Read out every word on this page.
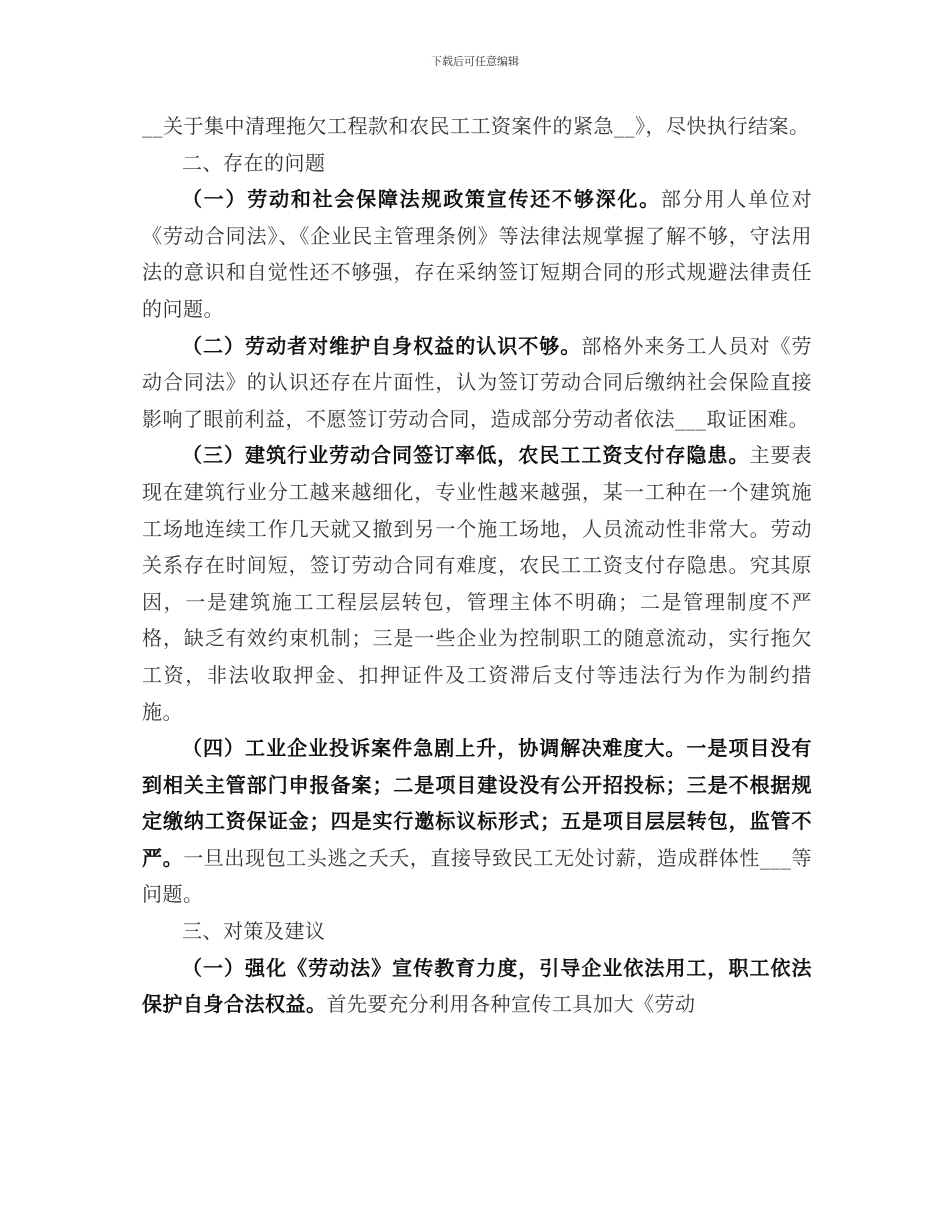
下载后可任意编辑

__关于集中清理拖欠工程款和农民工工资案件的紧急__》，尽快执行结案。

二、存在的问题

（一）劳动和社会保障法规政策宣传还不够深化。部分用人单位对《劳动合同法》、《企业民主管理条例》等法律法规掌握了解不够，守法用法的意识和自觉性还不够强，存在采纳签订短期合同的形式规避法律责任的问题。

（二）劳动者对维护自身权益的认识不够。部格外来务工人员对《劳动合同法》的认识还存在片面性，认为签订劳动合同后缴纳社会保险直接影响了眼前利益，不愿签订劳动合同，造成部分劳动者依法___取证困难。

（三）建筑行业劳动合同签订率低，农民工工资支付存隐患。主要表现在建筑行业分工越来越细化，专业性越来越强，某一工种在一个建筑施工场地连续工作几天就又撤到另一个施工场地，人员流动性非常大。劳动关系存在时间短，签订劳动合同有难度，农民工工资支付存隐患。究其原因，一是建筑施工工程层层转包，管理主体不明确；二是管理制度不严格，缺乏有效约束机制；三是一些企业为控制职工的随意流动，实行拖欠工资，非法收取押金、扣押证件及工资滞后支付等违法行为作为制约措施。

（四）工业企业投诉案件急剧上升，协调解决难度大。一是项目没有到相关主管部门申报备案；二是项目建设没有公开招投标；三是不根据规定缴纳工资保证金；四是实行邀标议标形式；五是项目层层转包，监管不严。一旦出现包工头逃之夭夭，直接导致民工无处讨薪，造成群体性___等问题。

三、对策及建议

（一）强化《劳动法》宣传教育力度，引导企业依法用工，职工依法保护自身合法权益。首先要充分利用各种宣传工具加大《劳动
